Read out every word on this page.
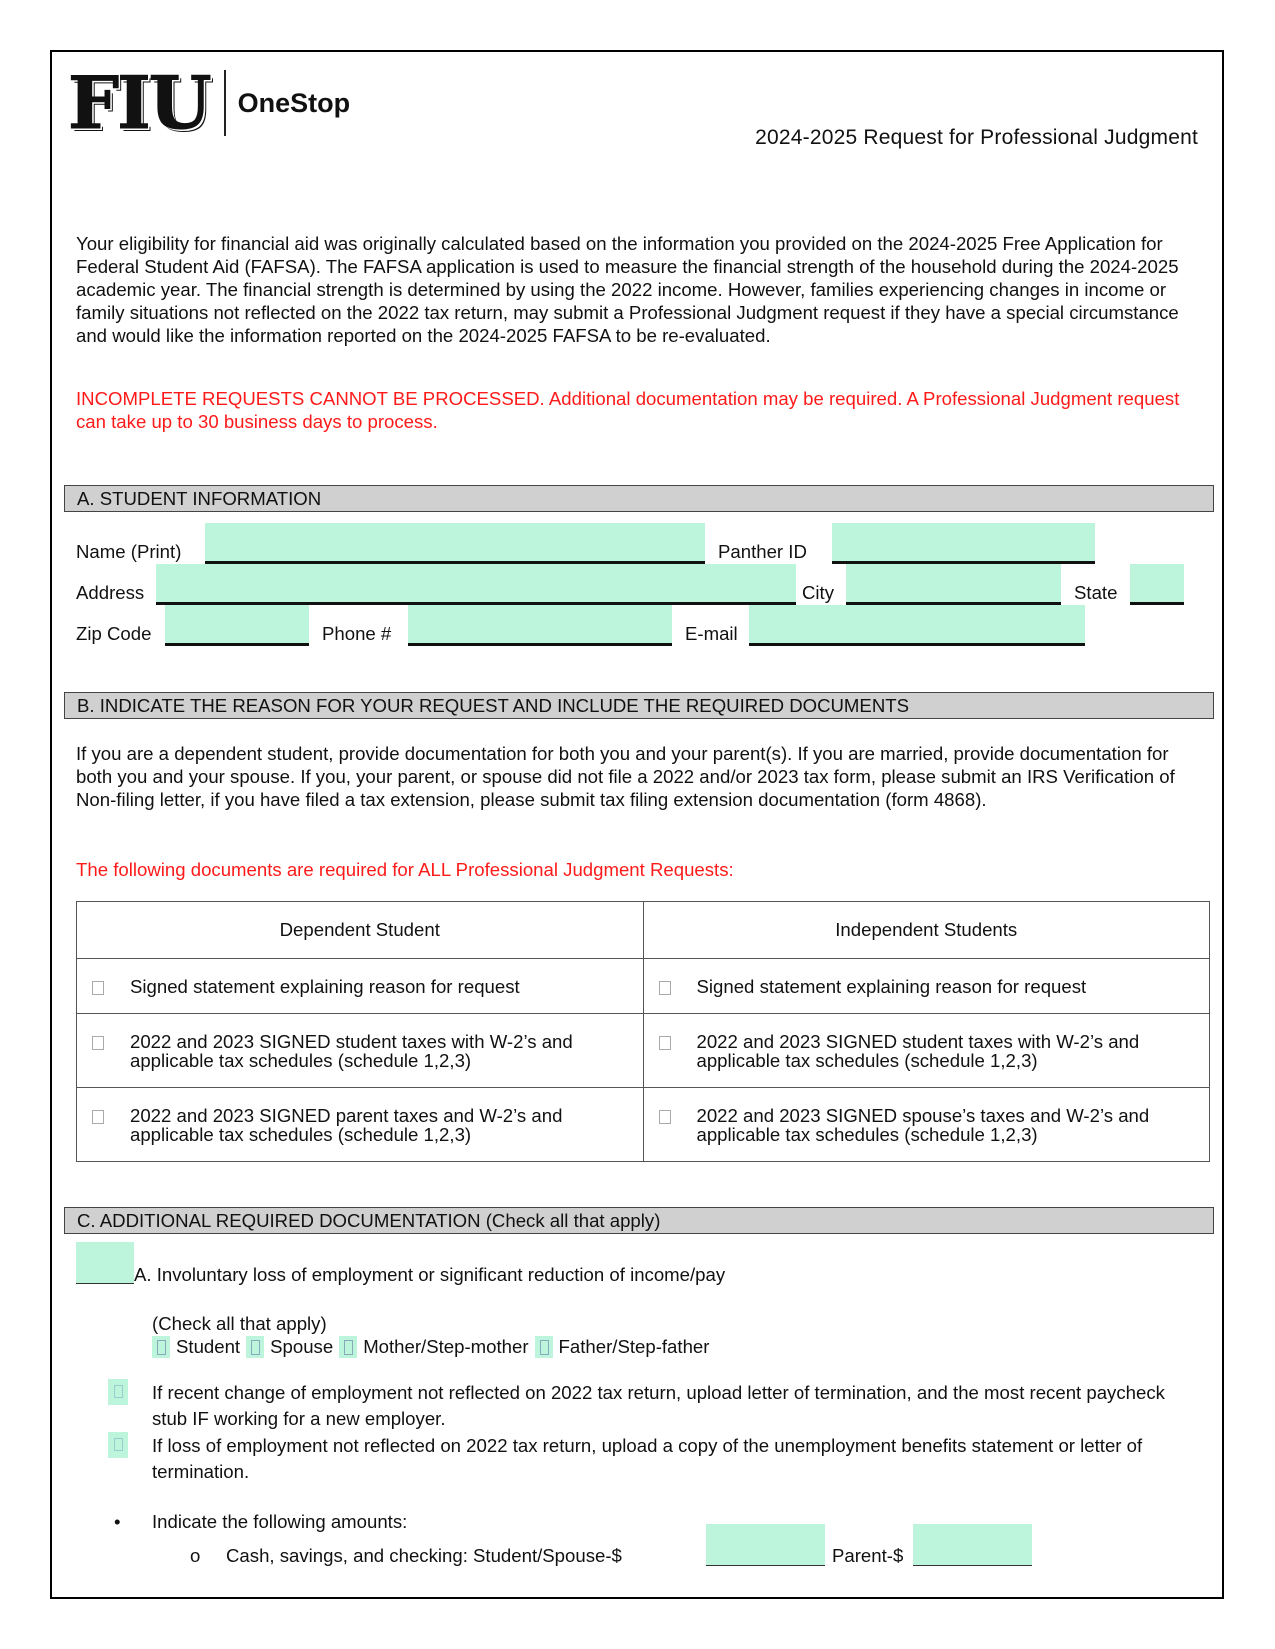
FIU OneStop
2024-2025 Request for Professional Judgment
Your eligibility for financial aid was originally calculated based on the information you provided on the 2024-2025 Free Application for Federal Student Aid (FAFSA). The FAFSA application is used to measure the financial strength of the household during the 2024-2025 academic year. The financial strength is determined by using the 2022 income. However, families experiencing changes in income or family situations not reflected on the 2022 tax return, may submit a Professional Judgment request if they have a special circumstance and would like the information reported on the 2024-2025 FAFSA to be re-evaluated.
INCOMPLETE REQUESTS CANNOT BE PROCESSED. Additional documentation may be required. A Professional Judgment request can take up to 30 business days to process.
A. STUDENT INFORMATION
Name (Print)	Panther ID
Address	City	State
Zip Code	Phone #	E-mail
B. INDICATE THE REASON FOR YOUR REQUEST AND INCLUDE THE REQUIRED DOCUMENTS
If you are a dependent student, provide documentation for both you and your parent(s). If you are married, provide documentation for both you and your spouse. If you, your parent, or spouse did not file a 2022 and/or 2023 tax form, please submit an IRS Verification of Non-filing letter, if you have filed a tax extension, please submit tax filing extension documentation (form 4868).
The following documents are required for ALL Professional Judgment Requests:
Dependent Student	Independent Students

Signed statement explaining reason for request	Signed statement explaining reason for request

2022 and 2023 SIGNED student taxes with W-2’s and applicable tax schedules (schedule 1,2,3)	2022 and 2023 SIGNED student taxes with W-2’s and applicable tax schedules (schedule 1,2,3)

2022 and 2023 SIGNED parent taxes and W-2’s and applicable tax schedules (schedule 1,2,3)	2022 and 2023 SIGNED spouse’s taxes and W-2’s and applicable tax schedules (schedule 1,2,3)
C. ADDITIONAL REQUIRED DOCUMENTATION (Check all that apply)
A. Involuntary loss of employment or significant reduction of income/pay
(Check all that apply)
Student Spouse Mother/Step-mother Father/Step-father
If recent change of employment not reflected on 2022 tax return, upload letter of termination, and the most recent paycheck stub IF working for a new employer.
If loss of employment not reflected on 2022 tax return, upload a copy of the unemployment benefits statement or letter of termination.
• Indicate the following amounts:
o Cash, savings, and checking: Student/Spouse-$	Parent-$
